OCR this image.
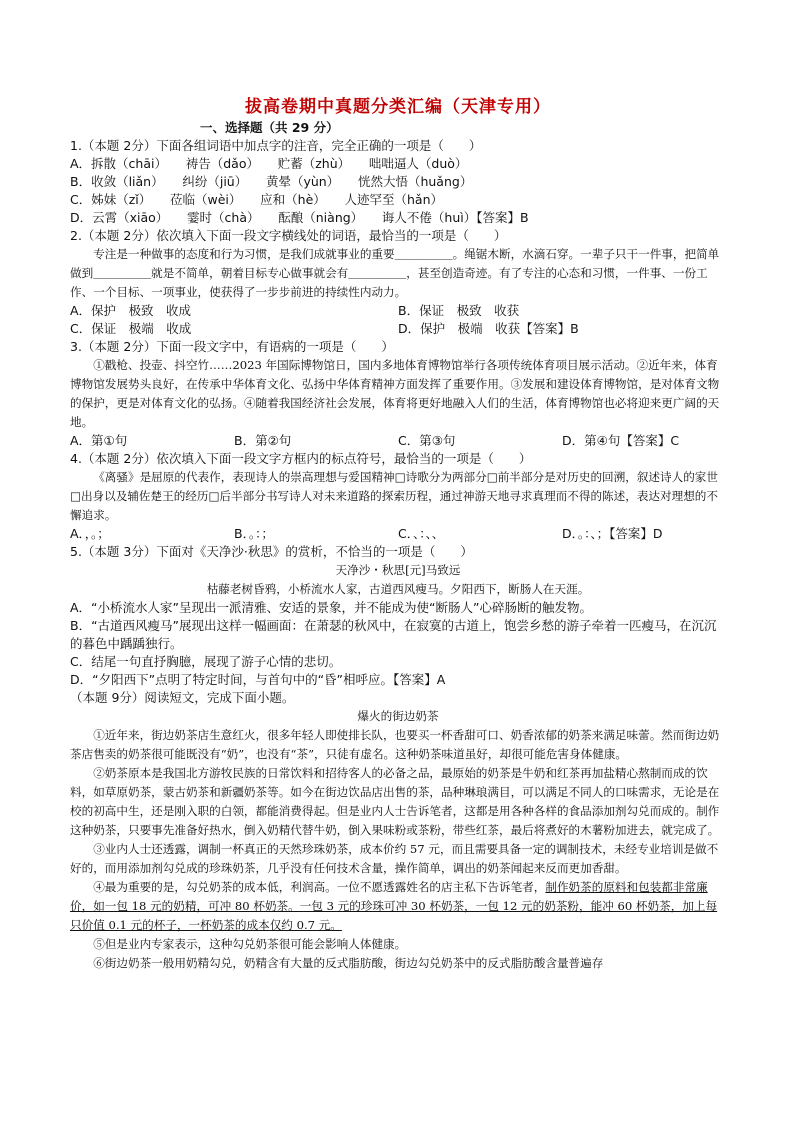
拔高卷期中真题分类汇编（天津专用）
一、选择题（共 29 分）

1.（本题 2分）下面各组词语中加点字的注音，完全正确的一项是（　　）

A．拆散（chāi）　　祷告（dǎo）　　贮蓄（zhù）　　咄咄逼人（duò）

B．收敛（liǎn）　　纠纷（jiū）　　黄晕（yùn）　　恍然大悟（huǎng）

C．姊妹（zǐ）　　莅临（wèi）　　应和（hè）　　人迹罕至（hǎn）

D．云霄（xiāo）　　霎时（chà）　　酝酿（niàng）　　诲人不倦（huì）【答案】B

2.（本题 2分）依次填入下面一段文字横线处的词语，最恰当的一项是（　　）

专注是一种做事的态度和行为习惯，是我们成就事业的重要＿＿＿＿＿。绳锯木断，水滴石穿。一辈子只干一件事，把简单做到＿＿＿＿＿就是不简单，朝着目标专心做事就会有＿＿＿＿＿，甚至创造奇迹。有了专注的心态和习惯，一件事、一份工作、一个目标、一项事业，使获得了一步步前进的持续性内动力。

A．保护　极致　收成	B．保证　极致　收获
C．保证　极端　收成	D．保护　极端　收获【答案】B

3.（本题 2分）下面一段文字中，有语病的一项是（　　）

①戳枪、投壶、抖空竹……2023 年国际博物馆日，国内多地体育博物馆举行各项传统体育项目展示活动。②近年来，体育博物馆发展势头良好，在传承中华体育文化、弘扬中华体育精神方面发挥了重要作用。③发展和建设体育博物馆，是对体育文物的保护，更是对体育文化的弘扬。④随着我国经济社会发展，体育将更好地融入人们的生活，体育博物馆也必将迎来更广阔的天地。

A．第①句	B．第②句	C．第③句	D．第④句【答案】C

4.（本题 2分）依次填入下面一段文字方框内的标点符号，最恰当的一项是（　　）

《离骚》是屈原的代表作，表现诗人的崇高理想与爱国精神□诗歌分为两部分□前半部分是对历史的回溯，叙述诗人的家世□出身以及辅佐楚王的经历□后半部分书写诗人对未来道路的探索历程，通过神游天地寻求真理而不得的陈述，表达对理想的不懈追求。

A．，。；	B．。：；	C．、：、、	D．。：、；【答案】D

5.（本题 3分）下面对《天净沙·秋思》的赏析，不恰当的一项是（　　）

天净沙・秋思[元]马致远

枯藤老树昏鸦，小桥流水人家，古道西风瘦马。夕阳西下，断肠人在天涯。

A．“小桥流水人家”呈现出一派清雅、安适的景象，并不能成为使“断肠人”心碎肠断的触发物。

B．“古道西风瘦马”展现出这样一幅画面：在萧瑟的秋风中，在寂寞的古道上，饱尝乡愁的游子牵着一匹瘦马，在沉沉的暮色中踽踽独行。

C．结尾一句直抒胸臆，展现了游子心情的悲切。

D．“夕阳西下”点明了特定时间，与首句中的“昏”相呼应。【答案】A

（本题 9分）阅读短文，完成下面小题。

爆火的街边奶茶

①近年来，街边奶茶店生意红火，很多年轻人即使排长队，也要买一杯香甜可口、奶香浓郁的奶茶来满足味蕾。然而街边奶茶店售卖的奶茶很可能既没有“奶”，也没有“茶”，只徒有虚名。这种奶茶味道虽好，却很可能危害身体健康。

②奶茶原本是我国北方游牧民族的日常饮料和招待客人的必备之品，最原始的奶茶是牛奶和红茶再加盐精心熬制而成的饮料，如草原奶茶，蒙古奶茶和新疆奶茶等。如今在街边饮品店出售的茶，品种琳琅满目，可以满足不同人的口味需求，无论是在校的初高中生，还是刚入职的白领，都能消费得起。但是业内人士告诉笔者，这都是用各种各样的食品添加剂勾兑而成的。制作这种奶茶，只要事先准备好热水，倒入奶精代替牛奶，倒入果味粉或茶粉，带些红茶，最后将煮好的木薯粉加进去，就完成了。

③业内人士还透露，调制一杯真正的天然珍珠奶茶，成本价约 57 元，而且需要具备一定的调制技术，未经专业培训是做不好的，而用添加剂勾兑成的珍珠奶茶，几乎没有任何技术含量，操作简单，调出的奶茶闻起来反而更加香甜。

④最为重要的是，勾兑奶茶的成本低，利润高。一位不愿透露姓名的店主私下告诉笔者，制作奶茶的原料和包装都非常廉价，如一包 18 元的奶精，可冲 80 杯奶茶。一包 3 元的珍珠可冲 30 杯奶茶，一包 12 元的奶茶粉，能冲 60 杯奶茶，加上每只价值 0.1 元的杯子，一杯奶茶的成本仅约 0.7 元。

⑤但是业内专家表示，这种勾兑奶茶很可能会影响人体健康。

⑥街边奶茶一般用奶精勾兑，奶精含有大量的反式脂肪酸，街边勾兑奶茶中的反式脂肪酸含量普遍存
